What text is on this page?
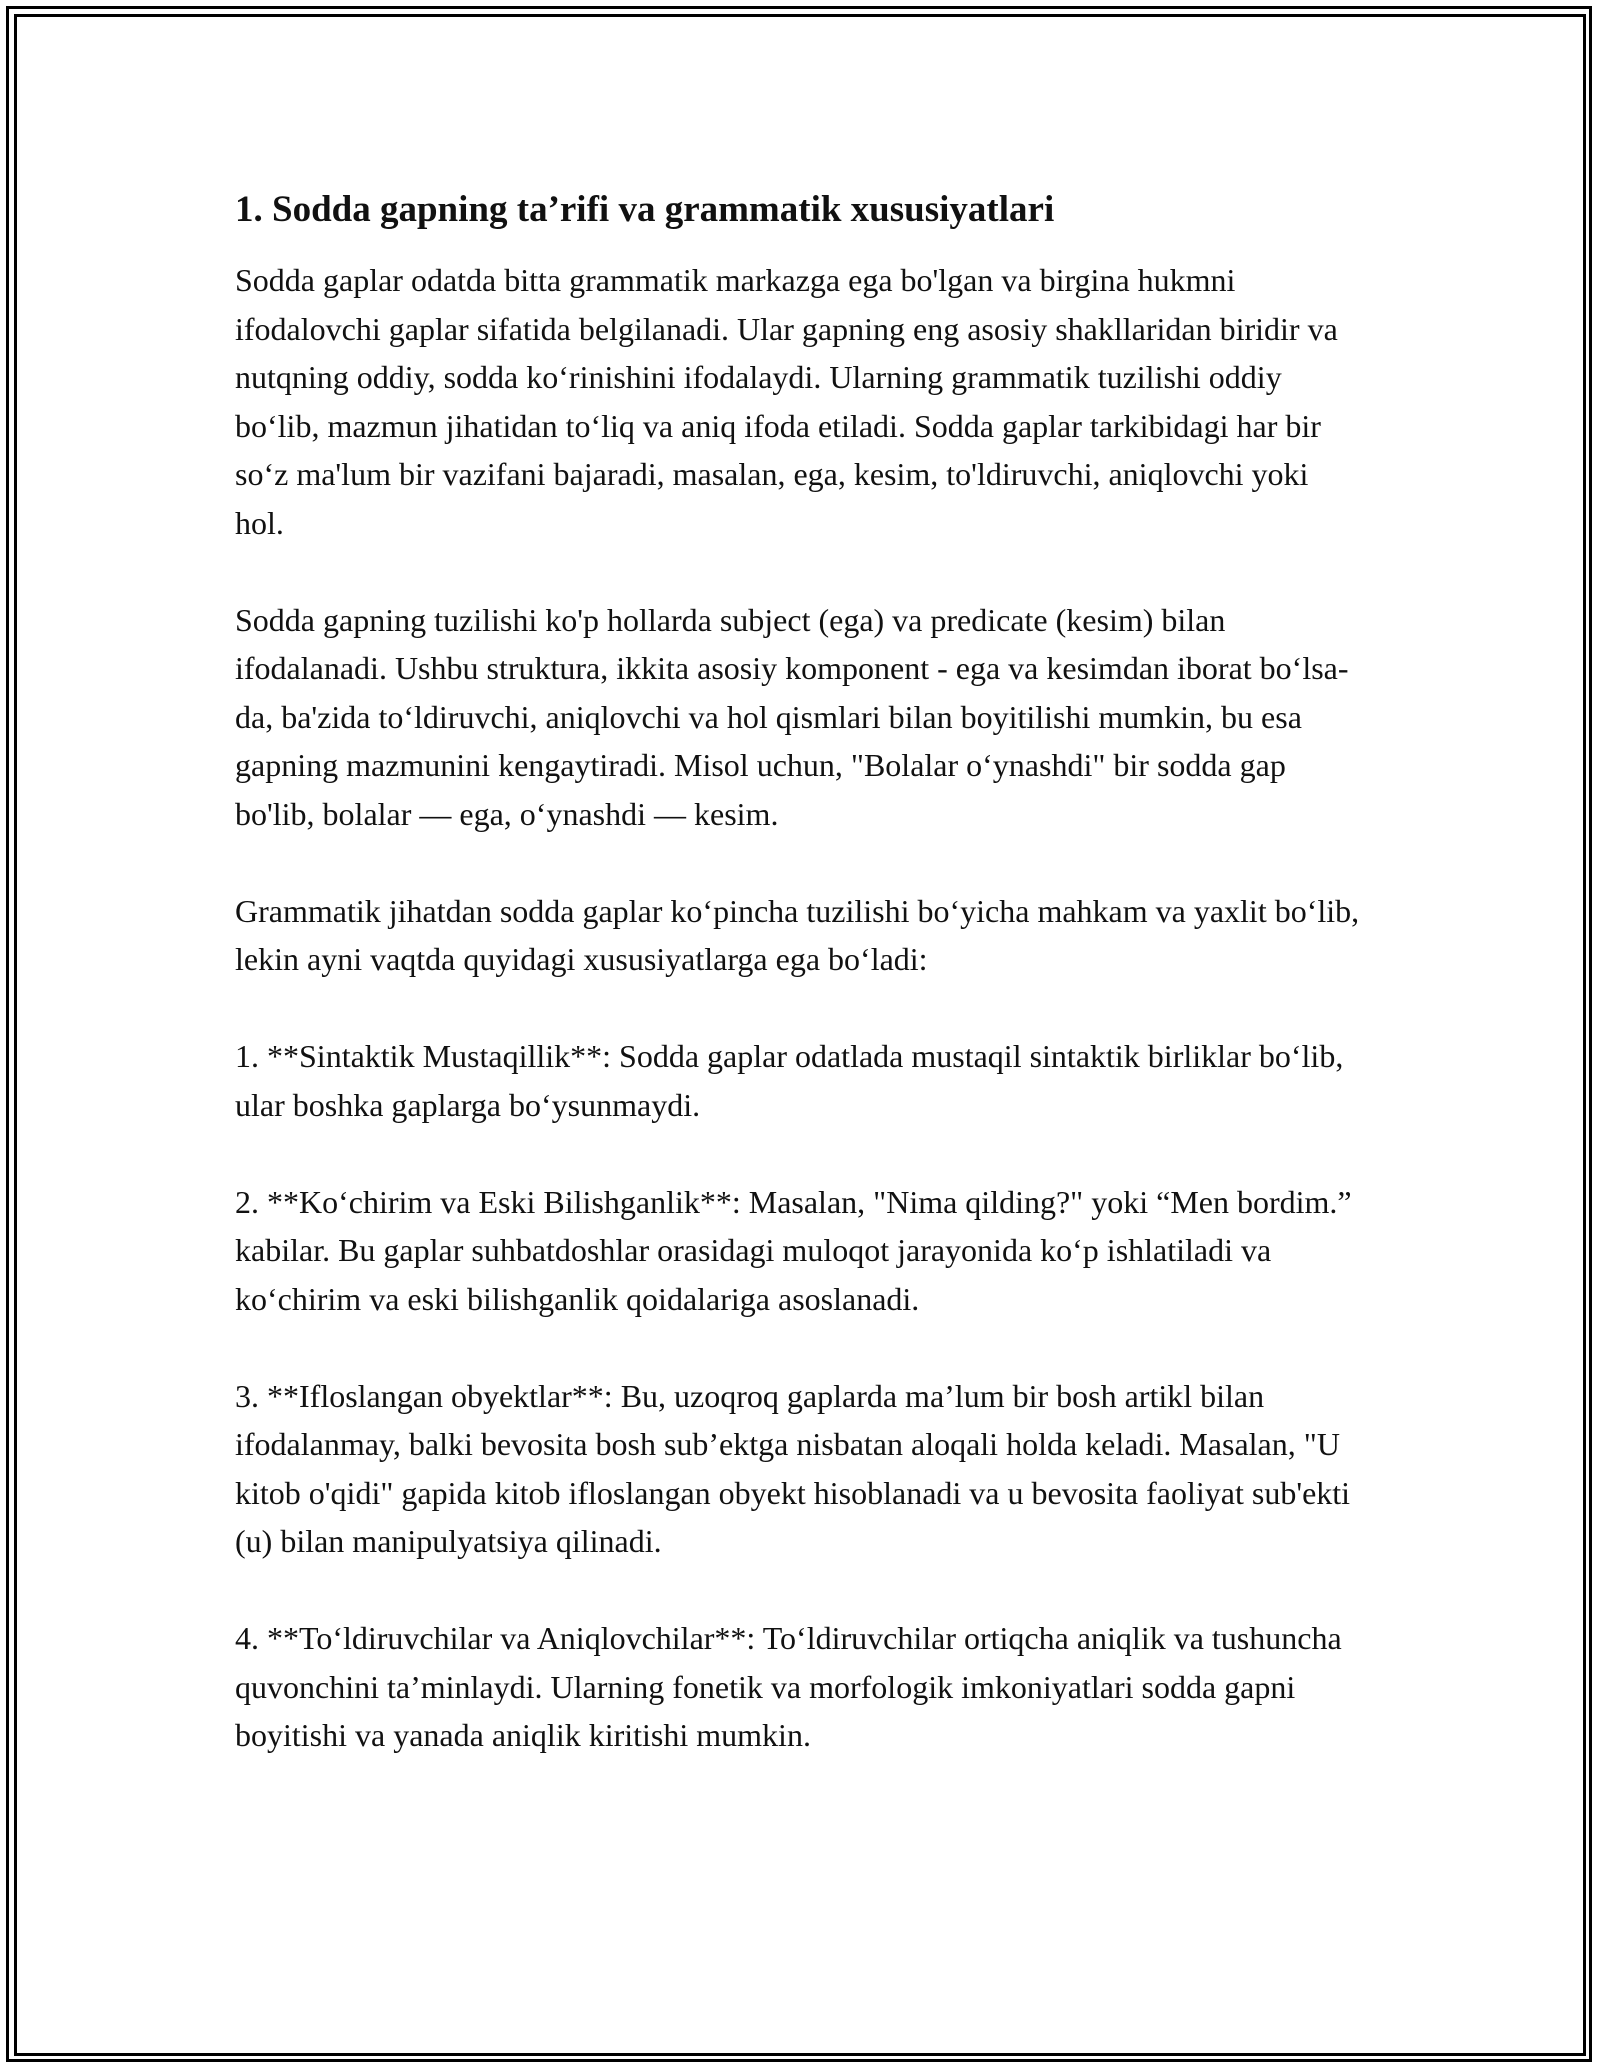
1. Sodda gapning ta’rifi va grammatik xususiyatlari

Sodda gaplar odatda bitta grammatik markazga ega bo'lgan va birgina hukmni ifodalovchi gaplar sifatida belgilanadi. Ular gapning eng asosiy shakllaridan biridir va nutqning oddiy, sodda ko‘rinishini ifodalaydi. Ularning grammatik tuzilishi oddiy bo‘lib, mazmun jihatidan to‘liq va aniq ifoda etiladi. Sodda gaplar tarkibidagi har bir so‘z ma'lum bir vazifani bajaradi, masalan, ega, kesim, to'ldiruvchi, aniqlovchi yoki hol.

Sodda gapning tuzilishi ko'p hollarda subject (ega) va predicate (kesim) bilan ifodalanadi. Ushbu struktura, ikkita asosiy komponent - ega va kesimdan iborat bo‘lsa-da, ba'zida to‘ldiruvchi, aniqlovchi va hol qismlari bilan boyitilishi mumkin, bu esa gapning mazmunini kengaytiradi. Misol uchun, "Bolalar o‘ynashdi" bir sodda gap bo'lib, bolalar — ega, o‘ynashdi — kesim.

Grammatik jihatdan sodda gaplar ko‘pincha tuzilishi bo‘yicha mahkam va yaxlit bo‘lib, lekin ayni vaqtda quyidagi xususiyatlarga ega bo‘ladi:

1. **Sintaktik Mustaqillik**: Sodda gaplar odatlada mustaqil sintaktik birliklar bo‘lib, ular boshka gaplarga bo‘ysunmaydi.

2. **Ko‘chirim va Eski Bilishganlik**: Masalan, "Nima qilding?" yoki “Men bordim.” kabilar. Bu gaplar suhbatdoshlar orasidagi muloqot jarayonida ko‘p ishlatiladi va ko‘chirim va eski bilishganlik qoidalariga asoslanadi.

3. **Ifloslangan obyektlar**: Bu, uzoqroq gaplarda ma’lum bir bosh artikl bilan ifodalanmay, balki bevosita bosh sub’ektga nisbatan aloqali holda keladi. Masalan, "U kitob o'qidi" gapida kitob ifloslangan obyekt hisoblanadi va u bevosita faoliyat sub'ekti (u) bilan manipulyatsiya qilinadi.

4. **To‘ldiruvchilar va Aniqlovchilar**: To‘ldiruvchilar ortiqcha aniqlik va tushuncha quvonchini ta’minlaydi. Ularning fonetik va morfologik imkoniyatlari sodda gapni boyitishi va yanada aniqlik kiritishi mumkin.
